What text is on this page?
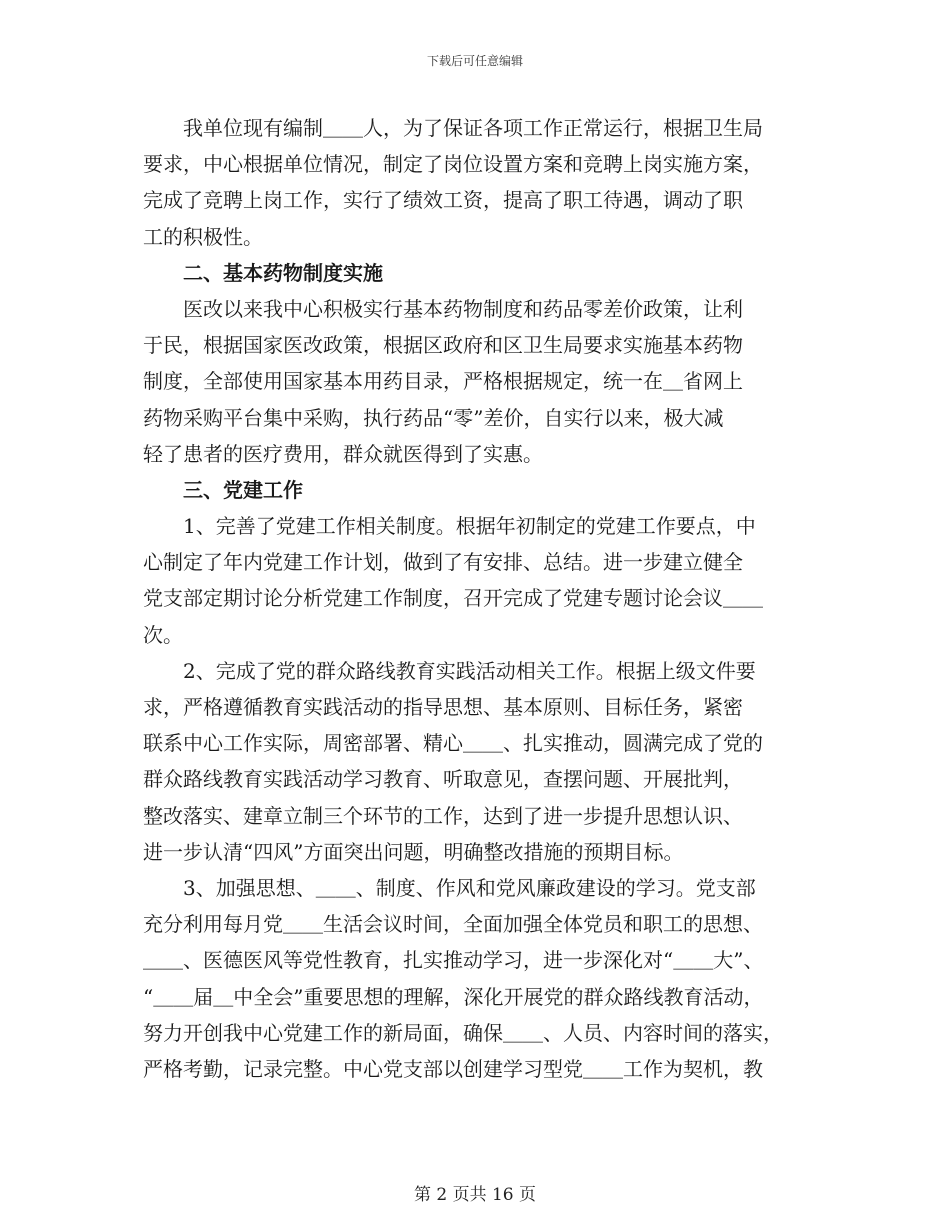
下载后可任意编辑
　　我单位现有编制＿＿人，为了保证各项工作正常运行，根据卫生局
要求，中心根据单位情况，制定了岗位设置方案和竞聘上岗实施方案，
完成了竞聘上岗工作，实行了绩效工资，提高了职工待遇，调动了职
工的积极性。
　　二、基本药物制度实施
　　医改以来我中心积极实行基本药物制度和药品零差价政策，让利
于民，根据国家医改政策，根据区政府和区卫生局要求实施基本药物
制度，全部使用国家基本用药目录，严格根据规定，统一在＿省网上
药物采购平台集中采购，执行药品“零”差价，自实行以来，极大减
轻了患者的医疗费用，群众就医得到了实惠。
　　三、党建工作
　　1、完善了党建工作相关制度。根据年初制定的党建工作要点，中
心制定了年内党建工作计划，做到了有安排、总结。进一步建立健全
党支部定期讨论分析党建工作制度，召开完成了党建专题讨论会议＿＿
次。
　　2、完成了党的群众路线教育实践活动相关工作。根据上级文件要
求，严格遵循教育实践活动的指导思想、基本原则、目标任务，紧密
联系中心工作实际，周密部署、精心＿＿、扎实推动，圆满完成了党的
群众路线教育实践活动学习教育、听取意见，查摆问题、开展批判，
整改落实、建章立制三个环节的工作，达到了进一步提升思想认识、
进一步认清“四风”方面突出问题，明确整改措施的预期目标。
　　3、加强思想、＿＿、制度、作风和党风廉政建设的学习。党支部
充分利用每月党＿＿生活会议时间，全面加强全体党员和职工的思想、
＿＿、医德医风等党性教育，扎实推动学习，进一步深化对“＿＿大”、
“＿＿届＿中全会”重要思想的理解，深化开展党的群众路线教育活动，
努力开创我中心党建工作的新局面，确保＿＿、人员、内容时间的落实，
严格考勤，记录完整。中心党支部以创建学习型党＿＿工作为契机，教
第 2 页共 16 页
